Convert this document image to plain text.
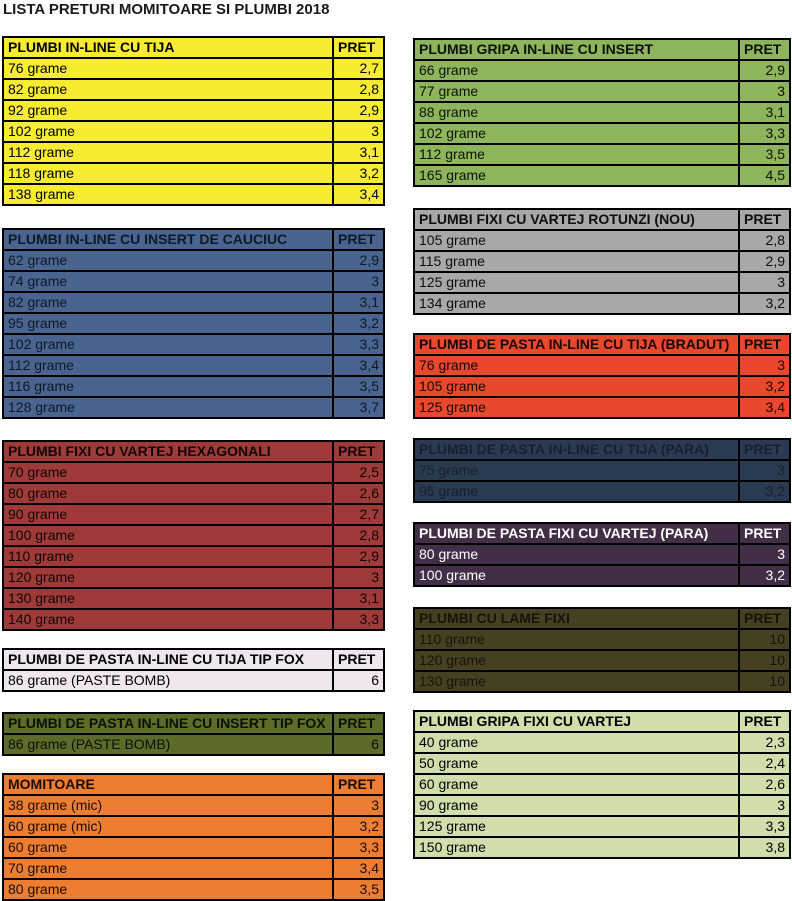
LISTA PRETURI MOMITOARE SI PLUMBI 2018
PLUMBI IN-LINE CU TIJA	PRET
76 grame	2,7
82 grame	2,8
92 grame	2,9
102 grame	3
112 grame	3,1
118 grame	3,2
138 grame	3,4
PLUMBI IN-LINE CU INSERT DE CAUCIUC	PRET
62 grame	2,9
74 grame	3
82 grame	3,1
95 grame	3,2
102 grame	3,3
112 grame	3,4
116 grame	3,5
128 grame	3,7
PLUMBI FIXI CU VARTEJ HEXAGONALI	PRET
70 grame	2,5
80 grame	2,6
90 grame	2,7
100 grame	2,8
110 grame	2,9
120 grame	3
130 grame	3,1
140 grame	3,3
PLUMBI DE PASTA IN-LINE CU TIJA TIP FOX	PRET
86 grame (PASTE BOMB)	6
PLUMBI DE PASTA IN-LINE CU INSERT TIP FOX	PRET
86 grame (PASTE BOMB)	6
MOMITOARE	PRET
38 grame (mic)	3
60 grame (mic)	3,2
60 grame	3,3
70 grame	3,4
80 grame	3,5
PLUMBI GRIPA IN-LINE CU INSERT	PRET
66 grame	2,9
77 grame	3
88 grame	3,1
102 grame	3,3
112 grame	3,5
165 grame	4,5
PLUMBI FIXI CU VARTEJ ROTUNZI (NOU)	PRET
105 grame	2,8
115 grame	2,9
125 grame	3
134 grame	3,2
PLUMBI DE PASTA IN-LINE CU TIJA (BRADUT)	PRET
76 grame	3
105 grame	3,2
125 grame	3,4
PLUMBI DE PASTA IN-LINE CU TIJA (PARA)	PRET
75 grame	3
95 grame	3,2
PLUMBI DE PASTA FIXI CU VARTEJ (PARA)	PRET
80 grame	3
100 grame	3,2
PLUMBI CU LAME FIXI	PRET
110 grame	10
120 grame	10
130 grame	10
PLUMBI GRIPA FIXI CU VARTEJ	PRET
40 grame	2,3
50 grame	2,4
60 grame	2,6
90 grame	3
125 grame	3,3
150 grame	3,8
